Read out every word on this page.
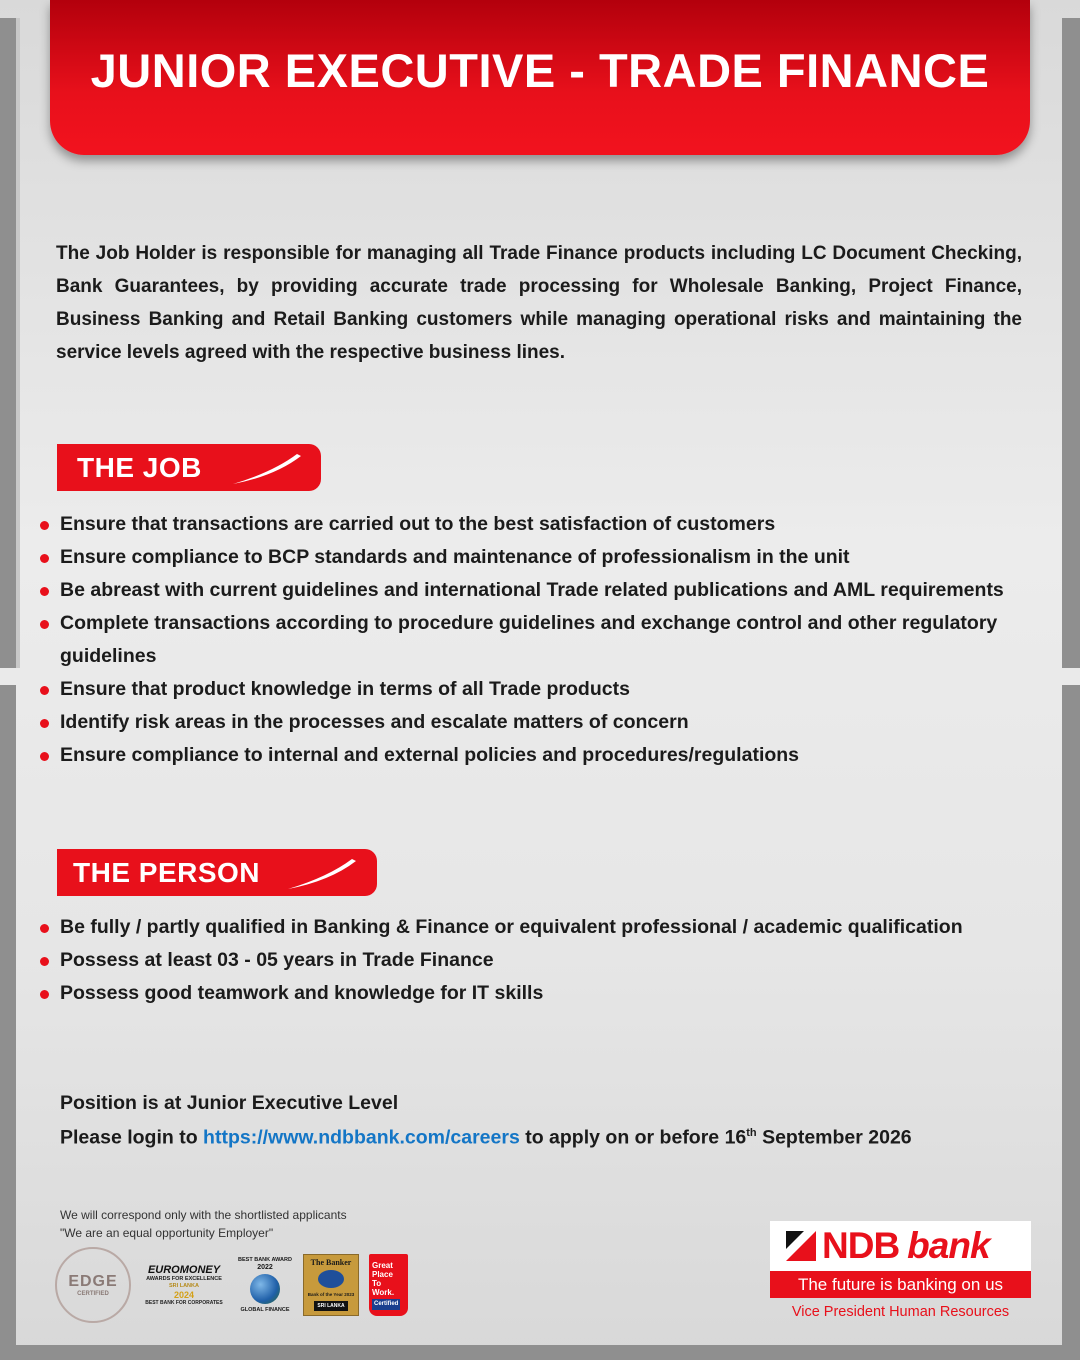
JUNIOR EXECUTIVE - TRADE FINANCE
The Job Holder is responsible for managing all Trade Finance products including LC Document Checking, Bank Guarantees, by providing accurate trade processing for Wholesale Banking, Project Finance, Business Banking and Retail Banking customers while managing operational risks and maintaining the service levels agreed with the respective business lines.
THE JOB
Ensure that transactions are carried out to the best satisfaction of customers
Ensure compliance to BCP standards and maintenance of professionalism in the unit
Be abreast with current guidelines and international Trade related publications and AML requirements
Complete transactions according to procedure guidelines and exchange control and other regulatory guidelines
Ensure that product knowledge in terms of all Trade products
Identify risk areas in the processes and escalate matters of concern
Ensure compliance to internal and external policies and procedures/regulations
THE PERSON
Be fully / partly qualified in Banking & Finance or equivalent professional / academic qualification
Possess at least 03 - 05 years in Trade Finance
Possess good teamwork and knowledge for IT skills
Position is at Junior Executive Level
Please login to https://www.ndbbank.com/careers to apply on or before 16th September 2026
We will correspond only with the shortlisted applicants
"We are an equal opportunity Employer"
EDGE
CERTIFIED
EUROMONEY
AWARDS FOR EXCELLENCE
SRI LANKA
2024
BEST BANK FOR CORPORATES
BEST BANK AWARD
2022
GLOBAL FINANCE
The Banker
Bank of the Year 2023
SRI LANKA
Great
Place
To
Work.
Certified
NDB bank
The future is banking on us
Vice President Human Resources
